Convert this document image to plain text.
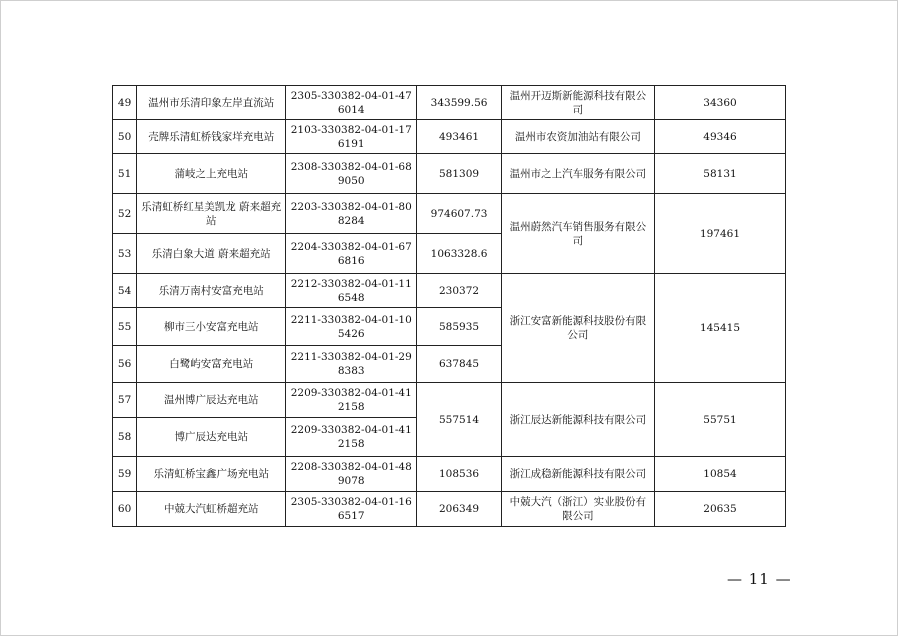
49	温州市乐清印象左岸直流站	2305-330382-04-01-476014	343599.56	温州开迈斯新能源科技有限公司	34360
50	壳牌乐清虹桥钱家垟充电站	2103-330382-04-01-176191	493461	温州市农资加油站有限公司	49346
51	蒲岐之上充电站	2308-330382-04-01-689050	581309	温州市之上汽车服务有限公司	58131
52	乐清虹桥红星美凯龙 蔚来超充站	2203-330382-04-01-808284	974607.73	温州蔚然汽车销售服务有限公司	197461
53	乐清白象大道 蔚来超充站	2204-330382-04-01-676816	1063328.6		
54	乐清万南村安富充电站	2212-330382-04-01-116548	230372	浙江安富新能源科技股份有限公司	145415
55	柳市三小安富充电站	2211-330382-04-01-105426	585935		
56	白鹭屿安富充电站	2211-330382-04-01-298383	637845		
57	温州博广辰达充电站	2209-330382-04-01-412158	557514	浙江辰达新能源科技有限公司	55751
58	博广辰达充电站	2209-330382-04-01-412158			
59	乐清虹桥宝鑫广场充电站	2208-330382-04-01-489078	108536	浙江成稳新能源科技有限公司	10854
60	中兢大汽虹桥超充站	2305-330382-04-01-166517	206349	中兢大汽（浙江）实业股份有限公司	20635
— 11 —
